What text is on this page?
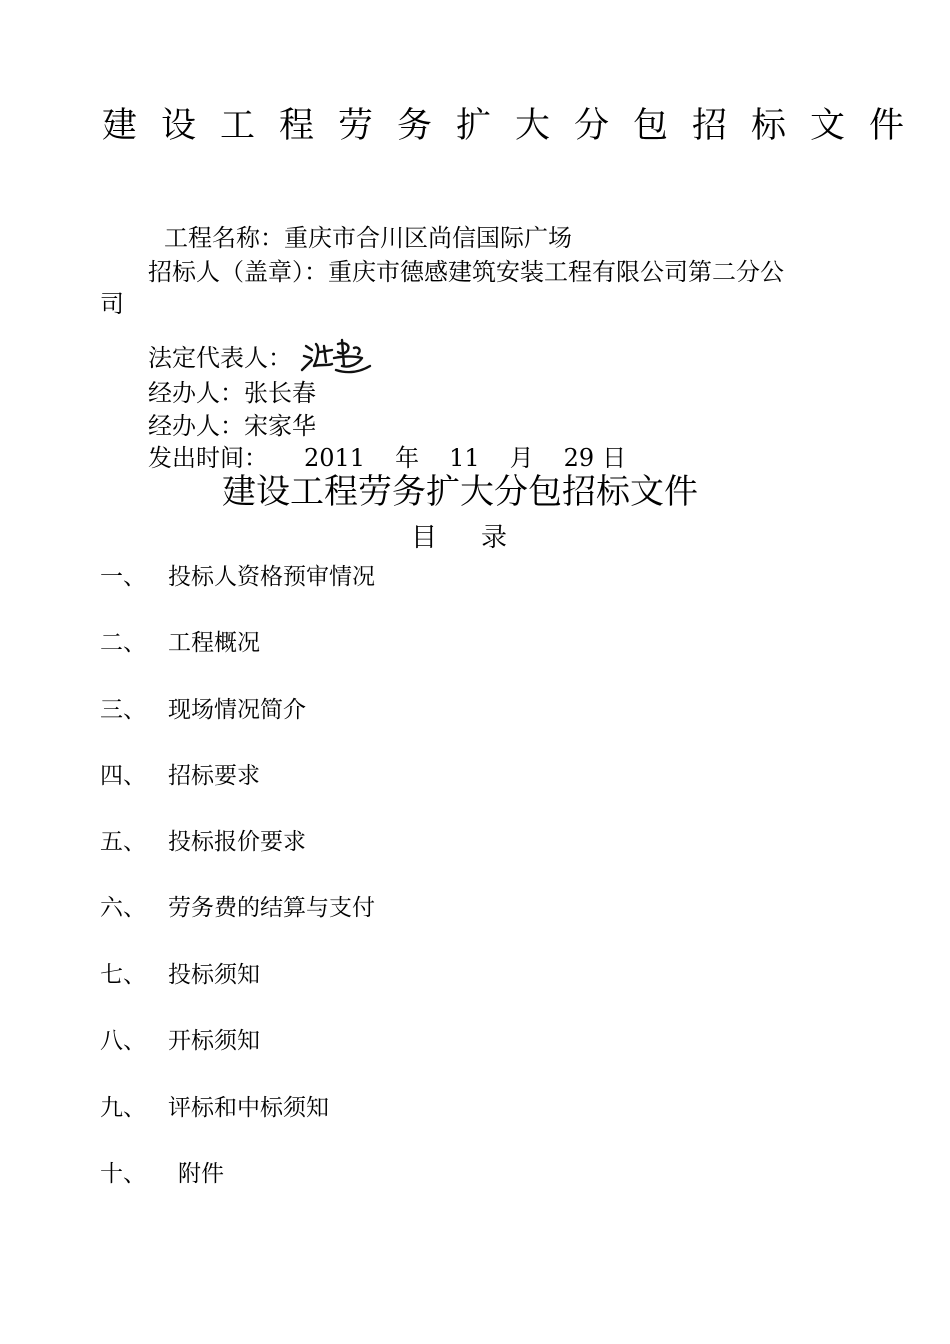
建设工程劳务扩大分包招标文件
工程名称：重庆市合川区尚信国际广场
招标人（盖章）：重庆市德感建筑安装工程有限公司第二分公
司
法定代表人：
经办人：张长春
经办人：宋家华
发出时间： 2011 年 11 月 29 日
建设工程劳务扩大分包招标文件
目录
一、 投标人资格预审情况
二、 工程概况
三、 现场情况简介
四、 招标要求
五、 投标报价要求
六、 劳务费的结算与支付
七、 投标须知
八、 开标须知
九、 评标和中标须知
十、 附件
